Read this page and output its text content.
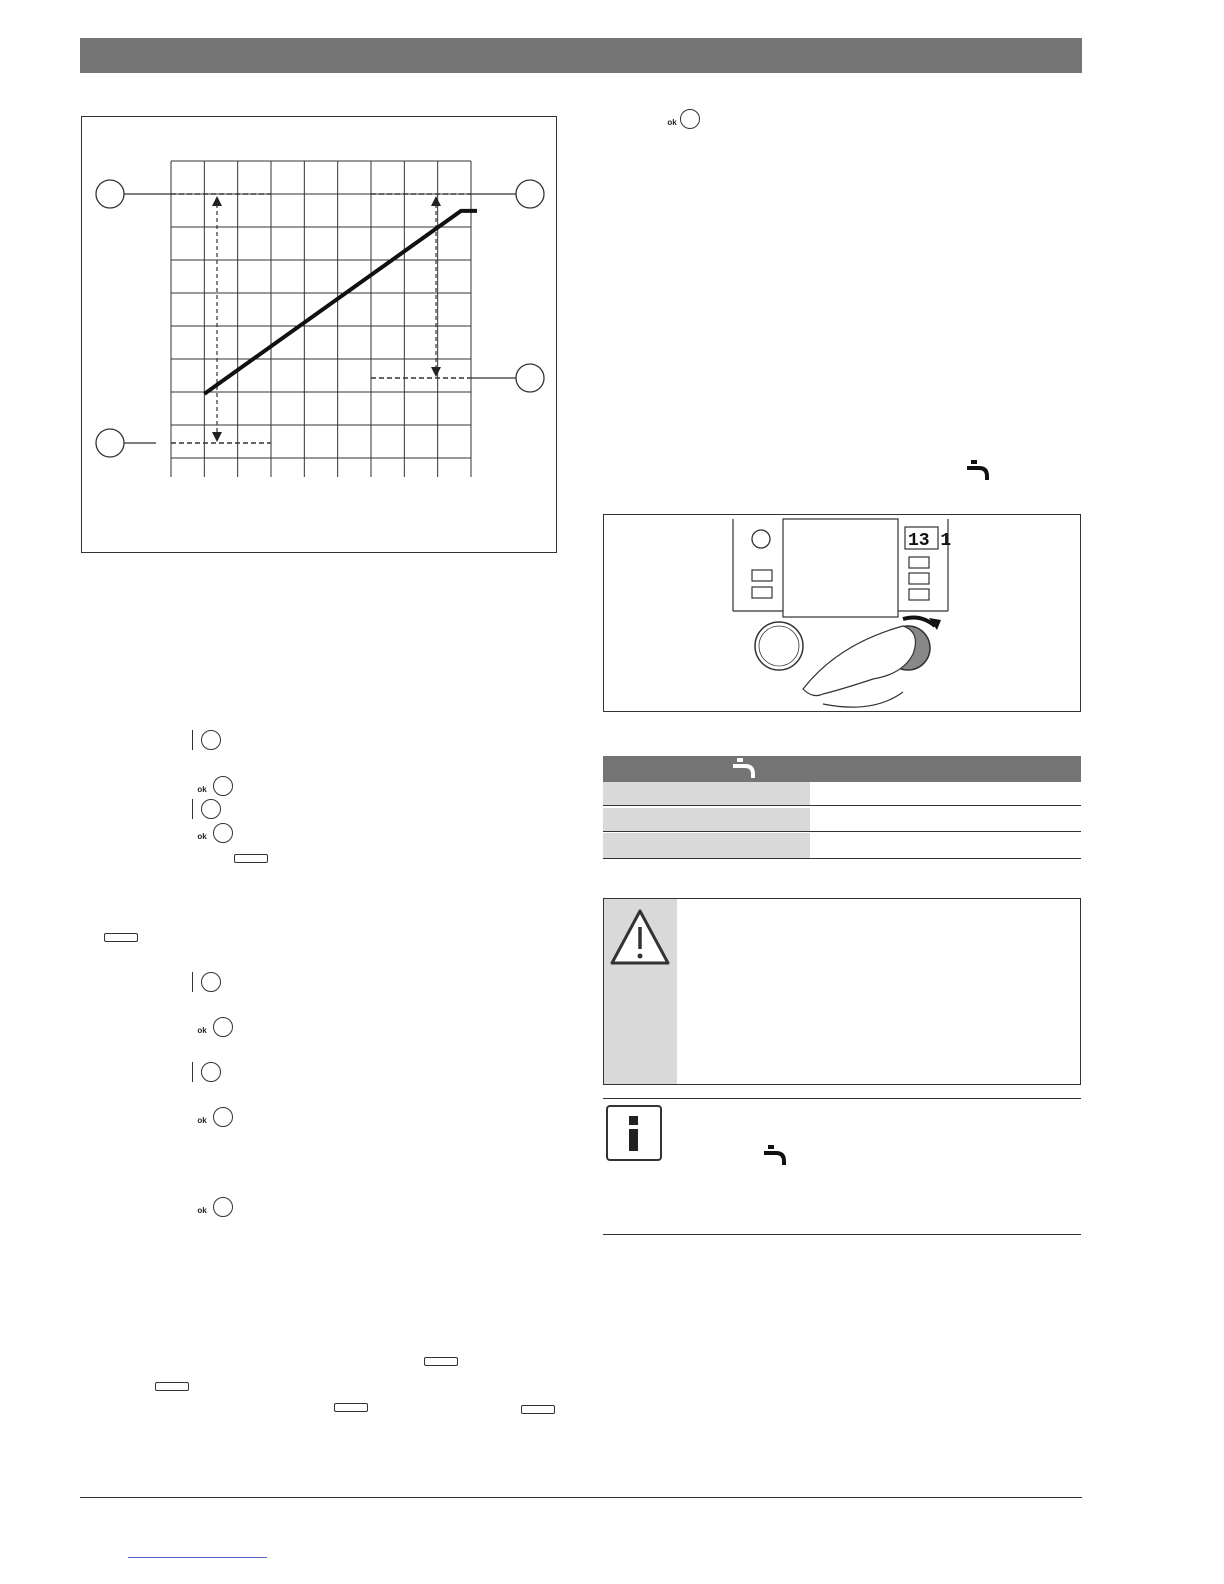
ok
ok
ok
ok
ok
ok
13 1
